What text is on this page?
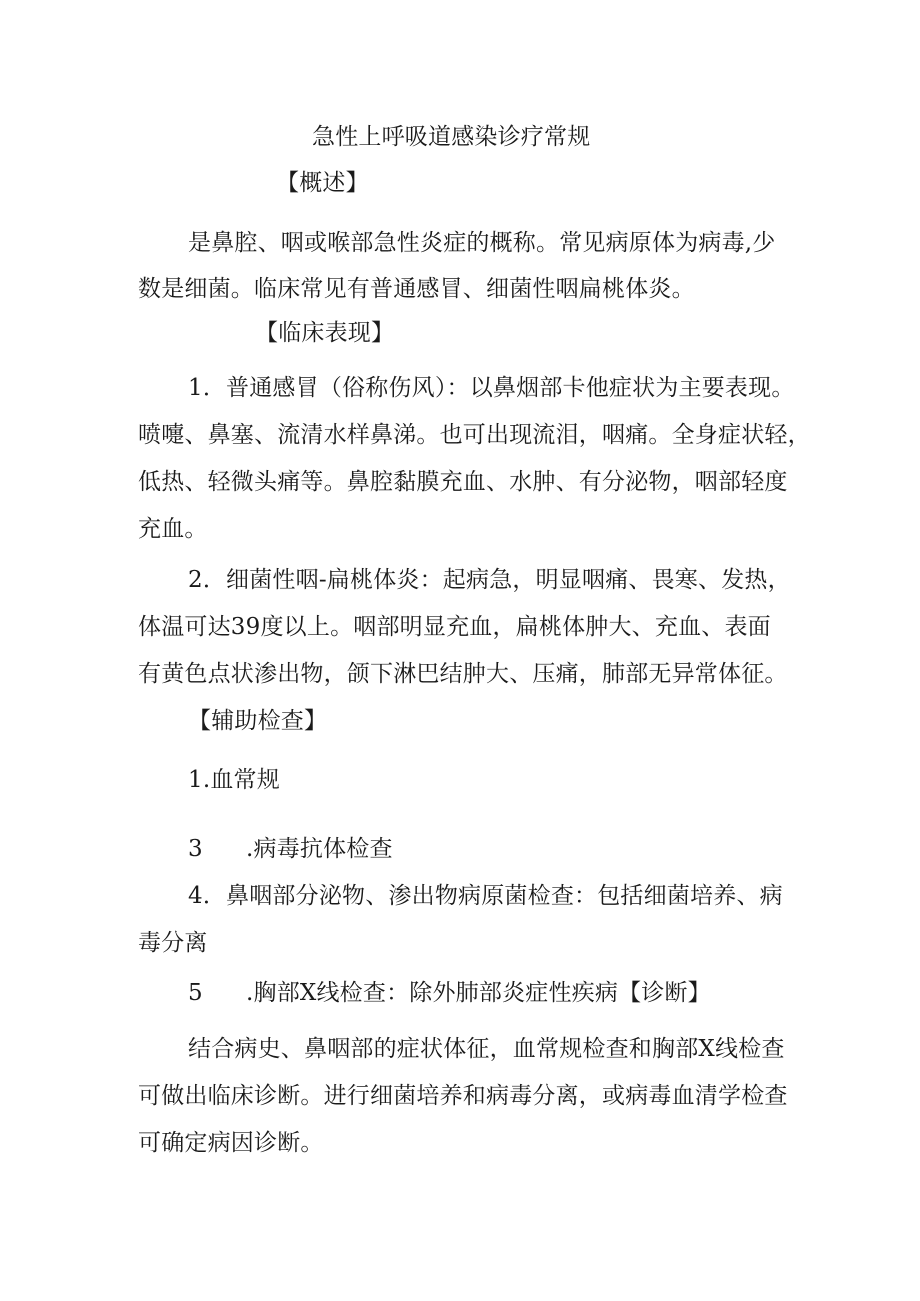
急性上呼吸道感染诊疗常规
【概述】
是鼻腔、咽或喉部急性炎症的概称。常见病原体为病毒,少
数是细菌。临床常见有普通感冒、细菌性咽扁桃体炎。
【临床表现】
1．普通感冒（俗称伤风）：以鼻烟部卡他症状为主要表现。
喷嚏、鼻塞、流清水样鼻涕。也可出现流泪，咽痛。全身症状轻，
低热、轻微头痛等。鼻腔黏膜充血、水肿、有分泌物，咽部轻度
充血。
2．细菌性咽-扁桃体炎：起病急，明显咽痛、畏寒、发热，
体温可达39度以上。咽部明显充血，扁桃体肿大、充血、表面
有黄色点状渗出物，颌下淋巴结肿大、压痛，肺部无异常体征。
【辅助检查】
1.血常规
3 .病毒抗体检查
4．鼻咽部分泌物、渗出物病原菌检查：包括细菌培养、病
毒分离
5 .胸部X线检查：除外肺部炎症性疾病【诊断】
结合病史、鼻咽部的症状体征，血常规检查和胸部X线检查
可做出临床诊断。进行细菌培养和病毒分离，或病毒血清学检查
可确定病因诊断。
